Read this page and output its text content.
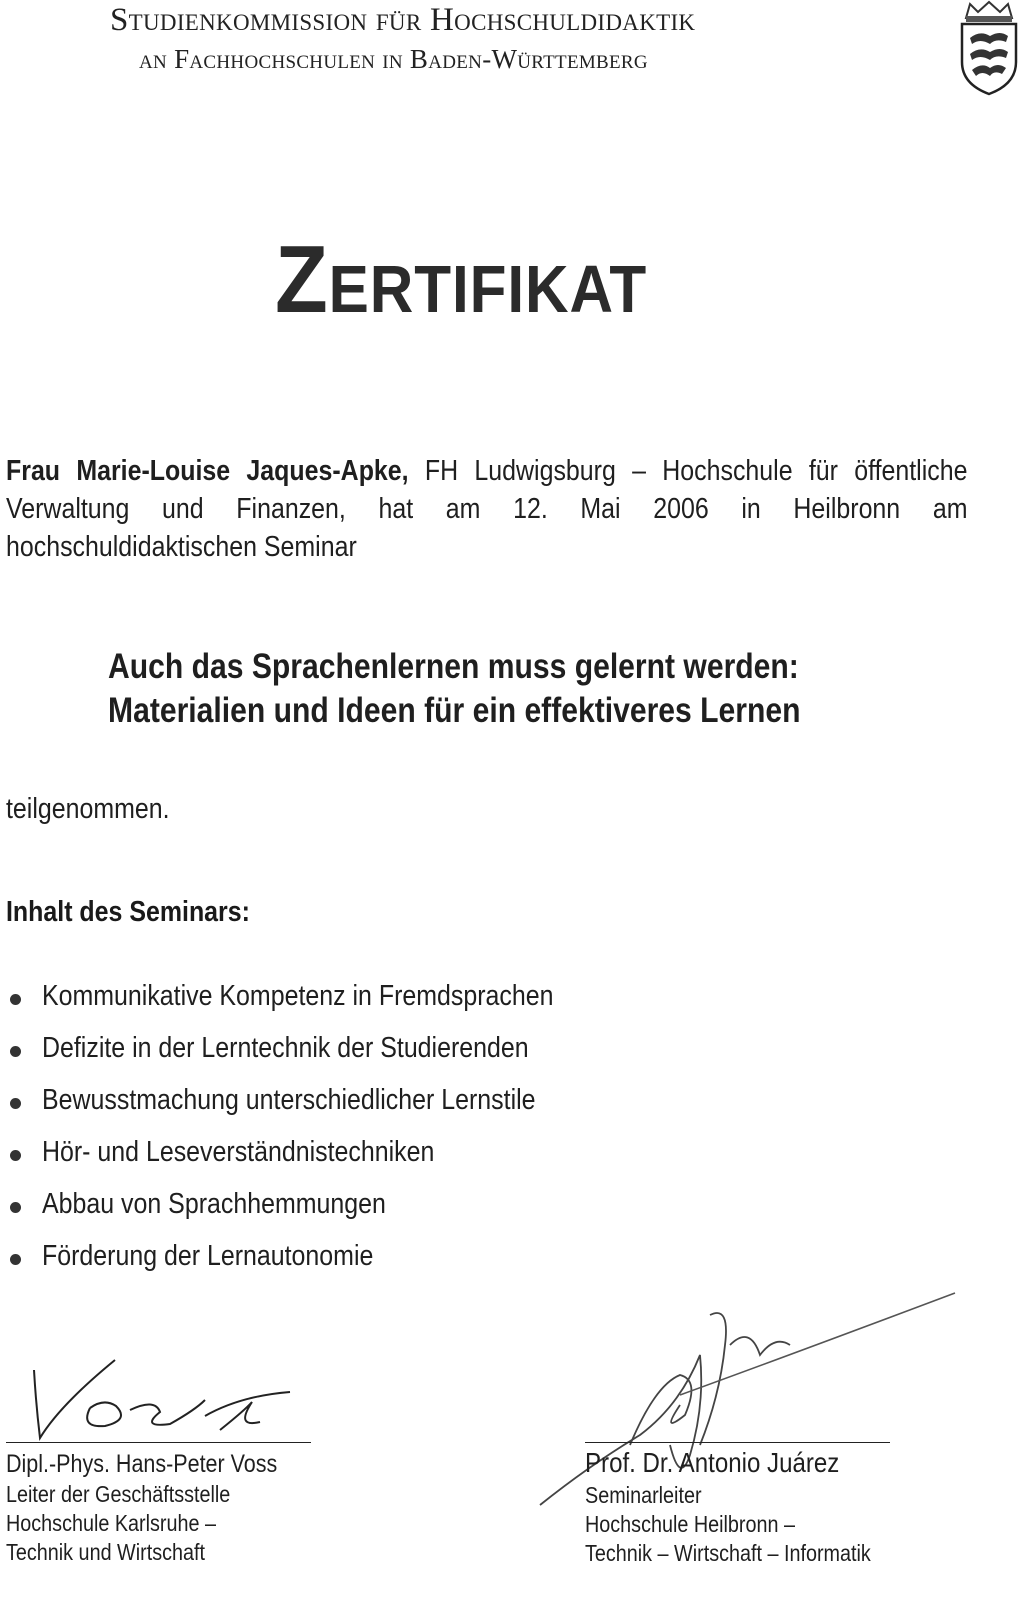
Studienkommission für Hochschuldidaktik
an Fachhochschulen in Baden-Württemberg
Zertifikat
Frau Marie-Louise Jaques-Apke, FH Ludwigsburg – Hochschule für öffentliche Verwaltung und Finanzen, hat am 12. Mai 2006 in Heilbronn am hochschuldidaktischen Seminar
Auch das Sprachenlernen muss gelernt werden:
Materialien und Ideen für ein effektiveres Lernen
teilgenommen.
Inhalt des Seminars:
Kommunikative Kompetenz in Fremdsprachen
Defizite in der Lerntechnik der Studierenden
Bewusstmachung unterschiedlicher Lernstile
Hör- und Leseverständnistechniken
Abbau von Sprachhemmungen
Förderung der Lernautonomie
Dipl.-Phys. Hans-Peter Voss
Leiter der Geschäftsstelle
Hochschule Karlsruhe –
Technik und Wirtschaft
Prof. Dr. Antonio Juárez
Seminarleiter
Hochschule Heilbronn –
Technik – Wirtschaft – Informatik
